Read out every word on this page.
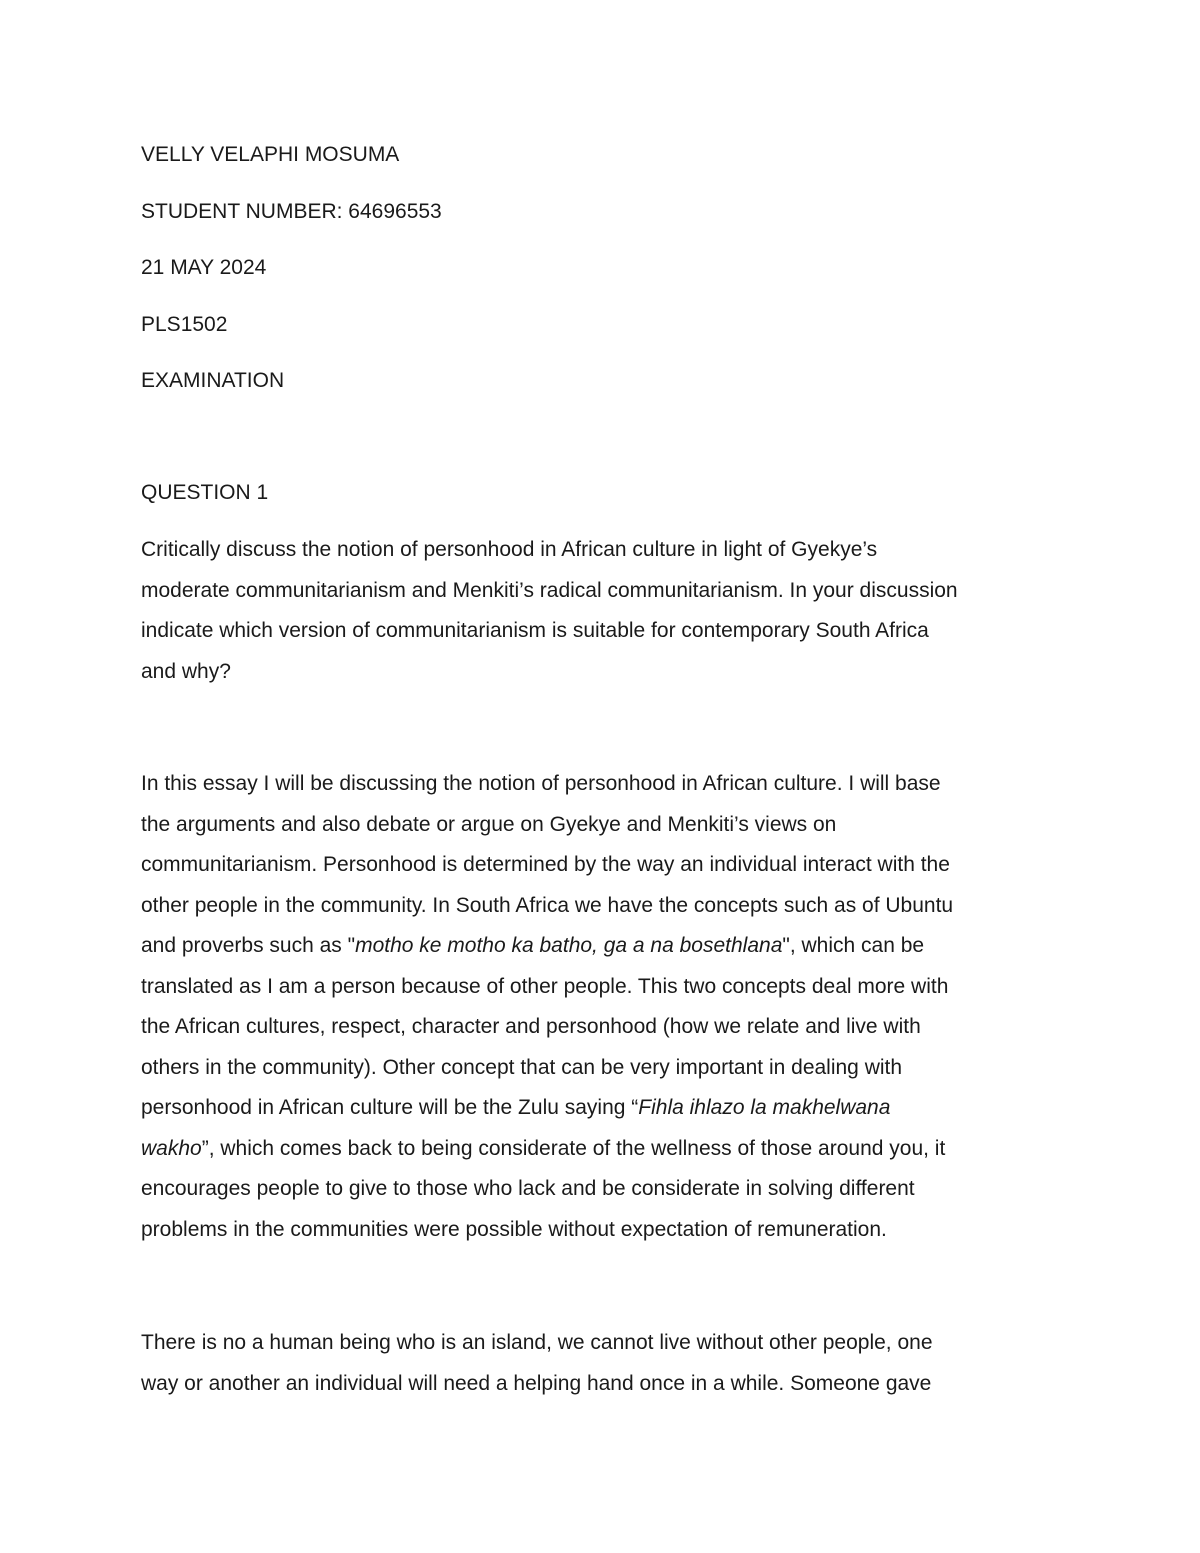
VELLY VELAPHI MOSUMA
STUDENT NUMBER: 64696553
21 MAY 2024
PLS1502
EXAMINATION
QUESTION 1

Critically discuss the notion of personhood in African culture in light of Gyekye’s
moderate communitarianism and Menkiti’s radical communitarianism. In your discussion
indicate which version of communitarianism is suitable for contemporary South Africa
and why?

In this essay I will be discussing the notion of personhood in African culture. I will base
the arguments and also debate or argue on Gyekye and Menkiti’s views on
communitarianism. Personhood is determined by the way an individual interact with the
other people in the community. In South Africa we have the concepts such as of Ubuntu
and proverbs such as "motho ke motho ka batho, ga a na bosethlana", which can be
translated as I am a person because of other people. This two concepts deal more with
the African cultures, respect, character and personhood (how we relate and live with
others in the community). Other concept that can be very important in dealing with
personhood in African culture will be the Zulu saying “Fihla ihlazo la makhelwana
wakho”, which comes back to being considerate of the wellness of those around you, it
encourages people to give to those who lack and be considerate in solving different
problems in the communities were possible without expectation of remuneration.

There is no a human being who is an island, we cannot live without other people, one
way or another an individual will need a helping hand once in a while. Someone gave
